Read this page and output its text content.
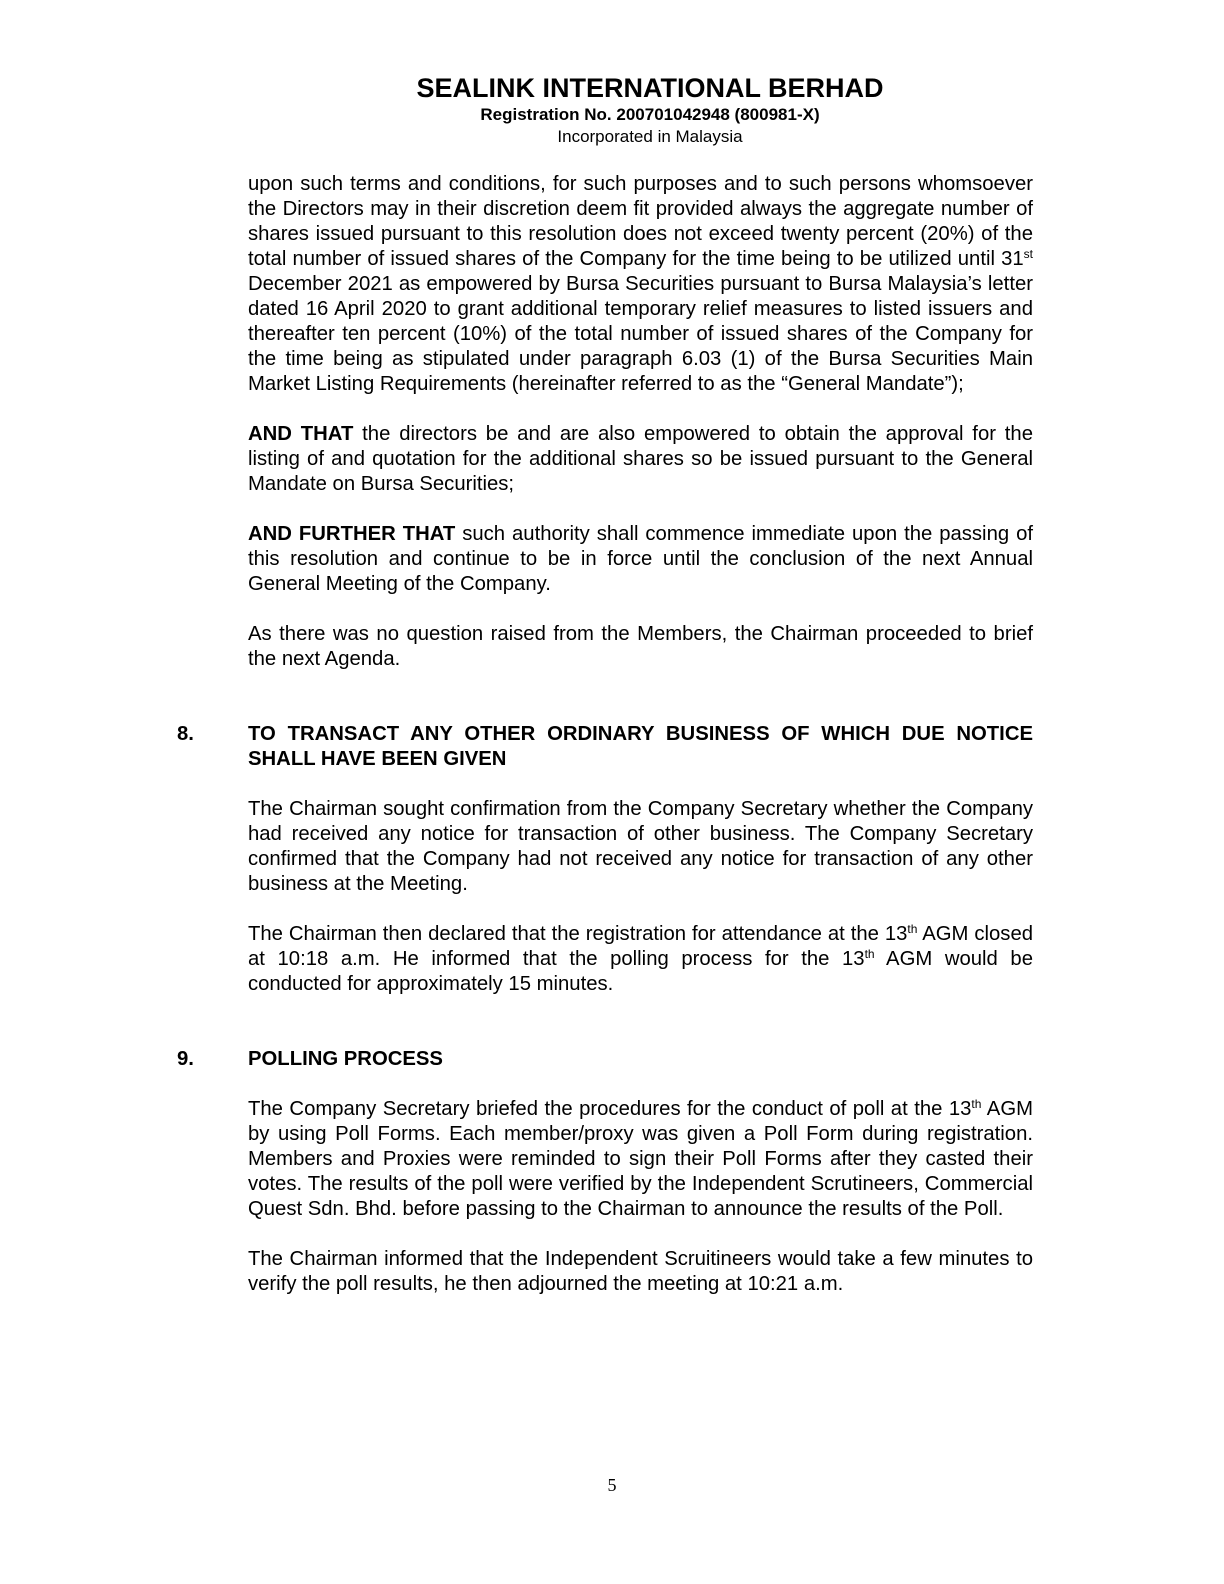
SEALINK INTERNATIONAL BERHAD
Registration No. 200701042948 (800981-X)
Incorporated in Malaysia

upon such terms and conditions, for such purposes and to such persons whomsoever the Directors may in their discretion deem fit provided always the aggregate number of shares issued pursuant to this resolution does not exceed twenty percent (20%) of the total number of issued shares of the Company for the time being to be utilized until 31st December 2021 as empowered by Bursa Securities pursuant to Bursa Malaysia’s letter dated 16 April 2020 to grant additional temporary relief measures to listed issuers and thereafter ten percent (10%) of the total number of issued shares of the Company for the time being as stipulated under paragraph 6.03 (1) of the Bursa Securities Main Market Listing Requirements (hereinafter referred to as the “General Mandate”);

AND THAT the directors be and are also empowered to obtain the approval for the listing of and quotation for the additional shares so be issued pursuant to the General Mandate on Bursa Securities;

AND FURTHER THAT such authority shall commence immediate upon the passing of this resolution and continue to be in force until the conclusion of the next Annual General Meeting of the Company.

As there was no question raised from the Members, the Chairman proceeded to brief the next Agenda.

8.	TO TRANSACT ANY OTHER ORDINARY BUSINESS OF WHICH DUE NOTICE SHALL HAVE BEEN GIVEN

The Chairman sought confirmation from the Company Secretary whether the Company had received any notice for transaction of other business. The Company Secretary confirmed that the Company had not received any notice for transaction of any other business at the Meeting.

The Chairman then declared that the registration for attendance at the 13th AGM closed at 10:18 a.m. He informed that the polling process for the 13th AGM would be conducted for approximately 15 minutes.

9.	POLLING PROCESS

The Company Secretary briefed the procedures for the conduct of poll at the 13th AGM by using Poll Forms. Each member/proxy was given a Poll Form during registration. Members and Proxies were reminded to sign their Poll Forms after they casted their votes. The results of the poll were verified by the Independent Scrutineers, Commercial Quest Sdn. Bhd. before passing to the Chairman to announce the results of the Poll.

The Chairman informed that the Independent Scruitineers would take a few minutes to verify the poll results, he then adjourned the meeting at 10:21 a.m.

5
